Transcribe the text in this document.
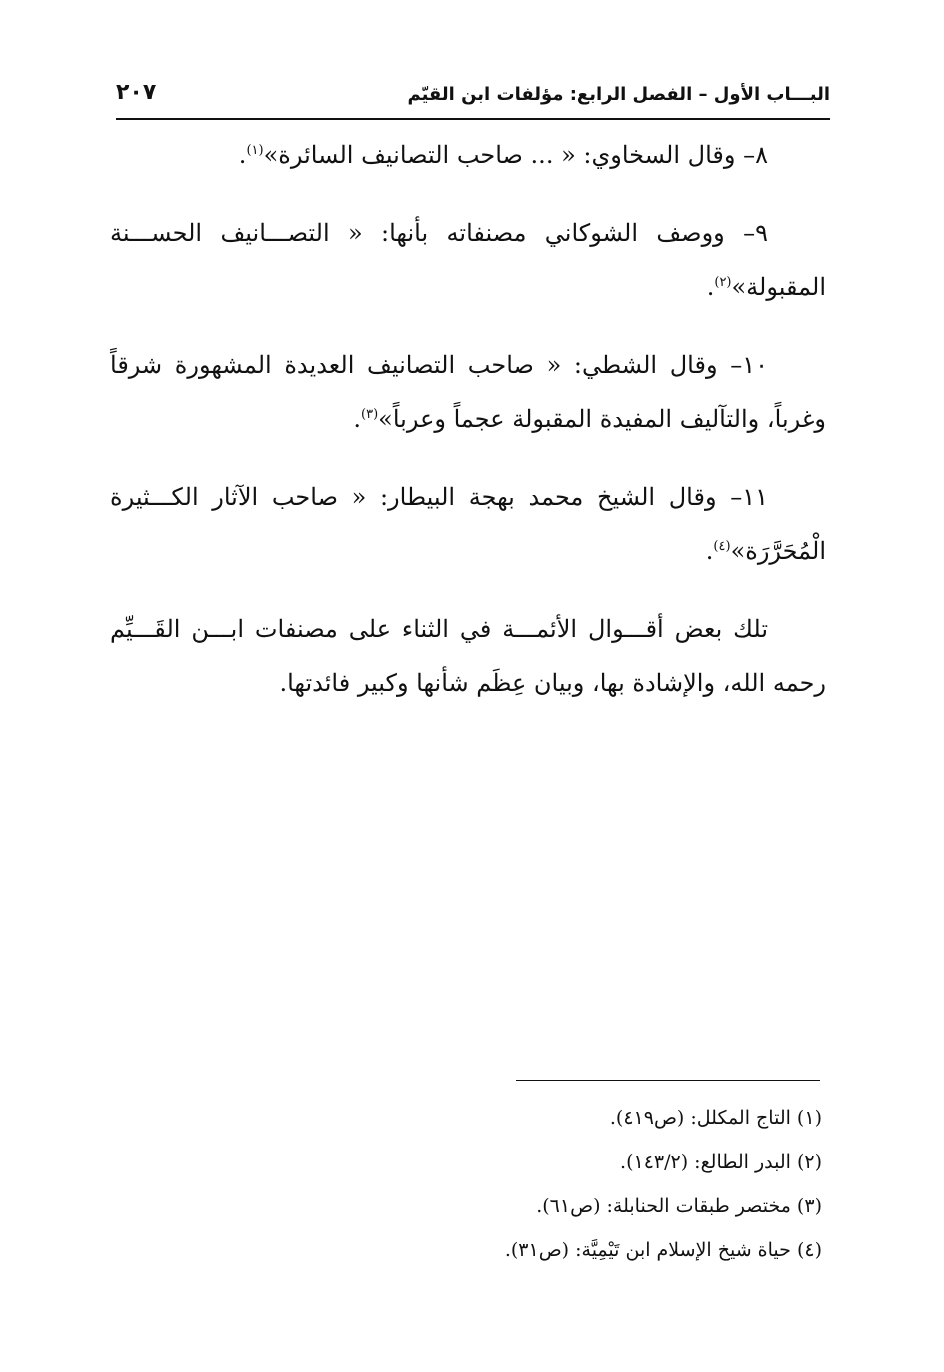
البـــاب الأول – الفصل الرابع: مؤلفات ابن القيّم
٢٠٧

٨– وقال السخاوي: « ... صاحب التصانيف السائرة»$^{(١)}$.

٩– ووصف الشوكاني مصنفاته بأنها: « التصـــانيف الحســـنة المقبولة»$^{(٢)}$.

١٠– وقال الشطي: « صاحب التصانيف العديدة المشهورة شرقاً وغرباً، والتآليف المفيدة المقبولة عجماً وعرباً»$^{(٣)}$.

١١– وقال الشيخ محمد بهجة البيطار: « صاحب الآثار الكـــثيرة الْمُحَرَّرَة»$^{(٤)}$.

تلك بعض أقـــوال الأئمـــة في الثناء على مصنفات ابـــن القَـــيِّم رحمه الله، والإشادة بها، وبيان عِظَم شأنها وكبير فائدتها.

(١) التاج المكلل: (ص٤١٩).

(٢) البدر الطالع: (١٤٣/٢).

(٣) مختصر طبقات الحنابلة: (ص٦١).

(٤) حياة شيخ الإسلام ابن تَيْمِيَّة: (ص٣١).
